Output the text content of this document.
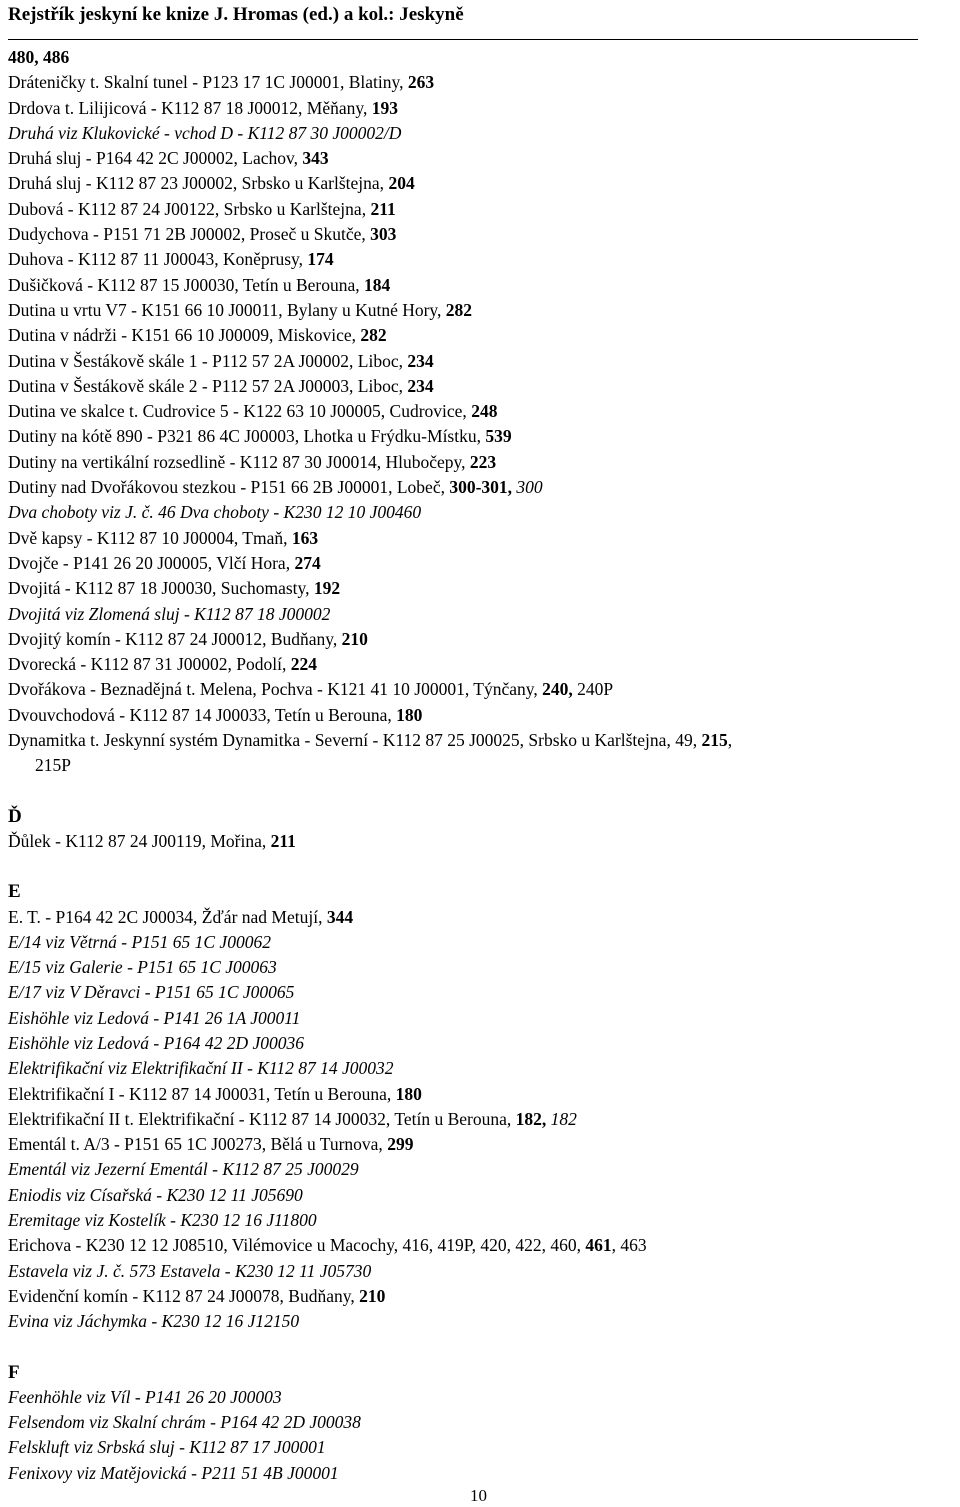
Rejstřík jeskyní ke knize J. Hromas (ed.) a kol.: Jeskyně
480, 486
Dráteničky t. Skalní tunel - P123 17 1C J00001, Blatiny, 263
Drdova t. Lilijicová - K112 87 18 J00012, Měňany, 193
Druhá viz Klukovické - vchod D - K112 87 30 J00002/D
Druhá sluj - P164 42 2C J00002, Lachov, 343
Druhá sluj - K112 87 23 J00002, Srbsko u Karlštejna, 204
Dubová - K112 87 24 J00122, Srbsko u Karlštejna, 211
Dudychova - P151 71 2B J00002, Proseč u Skutče, 303
Duhova - K112 87 11 J00043, Koněprusy, 174
Dušičková - K112 87 15 J00030, Tetín u Berouna, 184
Dutina u vrtu V7 - K151 66 10 J00011, Bylany u Kutné Hory, 282
Dutina v nádrži - K151 66 10 J00009, Miskovice, 282
Dutina v Šestákově skále 1 - P112 57 2A J00002, Liboc, 234
Dutina v Šestákově skále 2 - P112 57 2A J00003, Liboc, 234
Dutina ve skalce t. Cudrovice 5 - K122 63 10 J00005, Cudrovice, 248
Dutiny na kótě 890 - P321 86 4C J00003, Lhotka u Frýdku-Místku, 539
Dutiny na vertikální rozsedlině - K112 87 30 J00014, Hlubočepy, 223
Dutiny nad Dvořákovou stezkou - P151 66 2B J00001, Lobeč, 300-301, 300
Dva choboty viz J. č. 46 Dva choboty - K230 12 10 J00460
Dvě kapsy - K112 87 10 J00004, Tmaň, 163
Dvojče - P141 26 20 J00005, Vlčí Hora, 274
Dvojitá - K112 87 18 J00030, Suchomasty, 192
Dvojitá viz Zlomená sluj - K112 87 18 J00002
Dvojitý komín - K112 87 24 J00012, Budňany, 210
Dvorecká - K112 87 31 J00002, Podolí, 224
Dvořákova - Beznadějná t. Melena, Pochva - K121 41 10 J00001, Týnčany, 240, 240P
Dvouvchodová - K112 87 14 J00033, Tetín u Berouna, 180
Dynamitka t. Jeskynní systém Dynamitka - Severní - K112 87 25 J00025, Srbsko u Karlštejna, 49, 215,
215P
Ď
Ďůlek - K112 87 24 J00119, Mořina, 211
E
E. T. - P164 42 2C J00034, Žďár nad Metují, 344
E/14 viz Větrná - P151 65 1C J00062
E/15 viz Galerie - P151 65 1C J00063
E/17 viz V Děravci - P151 65 1C J00065
Eishöhle viz Ledová - P141 26 1A J00011
Eishöhle viz Ledová - P164 42 2D J00036
Elektrifikační viz Elektrifikační II - K112 87 14 J00032
Elektrifikační I - K112 87 14 J00031, Tetín u Berouna, 180
Elektrifikační II t. Elektrifikační - K112 87 14 J00032, Tetín u Berouna, 182, 182
Ementál t. A/3 - P151 65 1C J00273, Bělá u Turnova, 299
Ementál viz Jezerní Ementál - K112 87 25 J00029
Eniodis viz Císařská - K230 12 11 J05690
Eremitage viz Kostelík - K230 12 16 J11800
Erichova - K230 12 12 J08510, Vilémovice u Macochy, 416, 419P, 420, 422, 460, 461, 463
Estavela viz J. č. 573 Estavela - K230 12 11 J05730
Evidenční komín - K112 87 24 J00078, Budňany, 210
Evina viz Jáchymka - K230 12 16 J12150
F
Feenhöhle viz Víl - P141 26 20 J00003
Felsendom viz Skalní chrám - P164 42 2D J00038
Felskluft viz Srbská sluj - K112 87 17 J00001
Fenixovy viz Matějovická - P211 51 4B J00001
10
